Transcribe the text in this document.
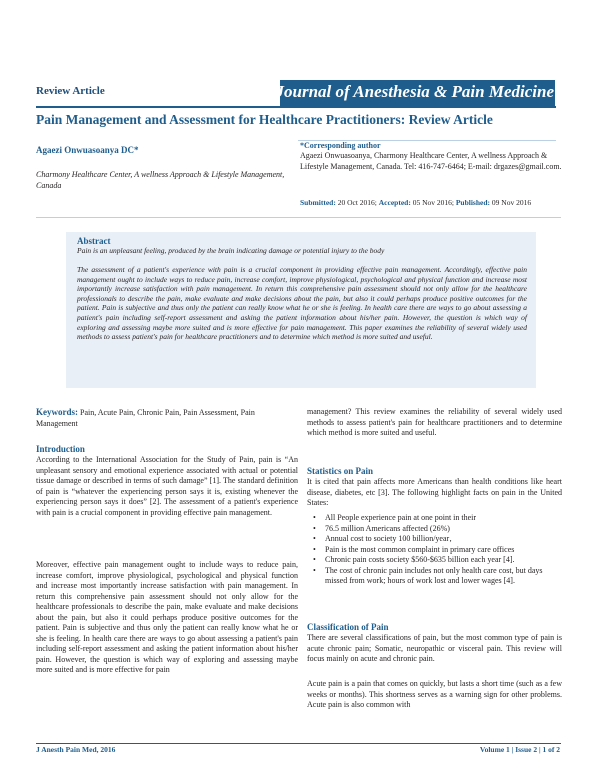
Review Article	Journal of Anesthesia & Pain Medicine
Pain Management and Assessment for Healthcare Practitioners: Review Article
Agaezi Onwuasoanya DC*
Charmony Healthcare Center, A wellness Approach & Lifestyle Management, Canada
*Corresponding author
Agaezi Onwuasoanya, Charmony Healthcare Center, A wellness Approach & Lifestyle Management, Canada. Tel: 416-747-6464; E-mail: drgazes@gmail.com.
Submitted: 20 Oct 2016; Accepted: 05 Nov 2016; Published: 09 Nov 2016
Abstract
Pain is an unpleasant feeling, produced by the brain indicating damage or potential injury to the body
The assessment of a patient's experience with pain is a crucial component in providing effective pain management. Accordingly, effective pain management ought to include ways to reduce pain, increase comfort, improve physiological, psychological and physical function and increase most importantly increase satisfaction with pain management. In return this comprehensive pain assessment should not only allow for the healthcare professionals to describe the pain, make evaluate and make decisions about the pain, but also it could perhaps produce positive outcomes for the patient. Pain is subjective and thus only the patient can really know what he or she is feeling. In health care there are ways to go about assessing a patient's pain including self-report assessment and asking the patient information about his/her pain. However, the question is which way of exploring and assessing maybe more suited and is more effective for pain management. This paper examines the reliability of several widely used methods to assess patient's pain for healthcare practitioners and to determine which method is more suited and useful.
Keywords: Pain, Acute Pain, Chronic Pain, Pain Assessment, Pain Management
Introduction
According to the International Association for the Study of Pain, pain is “An unpleasant sensory and emotional experience associated with actual or potential tissue damage or described in terms of such damage” [1]. The standard definition of pain is “whatever the experiencing person says it is, existing whenever the experiencing person says it does” [2]. The assessment of a patient's experience with pain is a crucial component in providing effective pain management.
Moreover, effective pain management ought to include ways to reduce pain, increase comfort, improve physiological, psychological and physical function and increase most importantly increase satisfaction with pain management. In return this comprehensive pain assessment should not only allow for the healthcare professionals to describe the pain, make evaluate and make decisions about the pain, but also it could perhaps produce positive outcomes for the patient. Pain is subjective and thus only the patient can really know what he or she is feeling. In health care there are ways to go about assessing a patient's pain including self-report assessment and asking the patient information about his/her pain. However, the question is which way of exploring and assessing maybe more suited and is more effective for pain
management? This review examines the reliability of several widely used methods to assess patient's pain for healthcare practitioners and to determine which method is more suited and useful.
Statistics on Pain
It is cited that pain affects more Americans than health conditions like heart disease, diabetes, etc [3]. The following highlight facts on pain in the United States:
• All People experience pain at one point in their
• 76.5 million Americans affected (26%)
• Annual cost to society 100 billion/year‚
• Pain is the most common complaint in primary care offices
• Chronic pain costs society $560-$635 billion each year [4].
• The cost of chronic pain includes not only health care cost, but days missed from work; hours of work lost and lower wages [4].
Classification of Pain
There are several classifications of pain, but the most common type of pain is acute chronic pain; Somatic, neuropathic or visceral pain. This review will focus mainly on acute and chronic pain.
Acute pain is a pain that comes on quickly, but lasts a short time (such as a few weeks or months). This shortness serves as a warning sign for other problems. Acute pain is also common with
J Anesth Pain Med, 2016	Volume 1 | Issue 2 | 1 of 2
